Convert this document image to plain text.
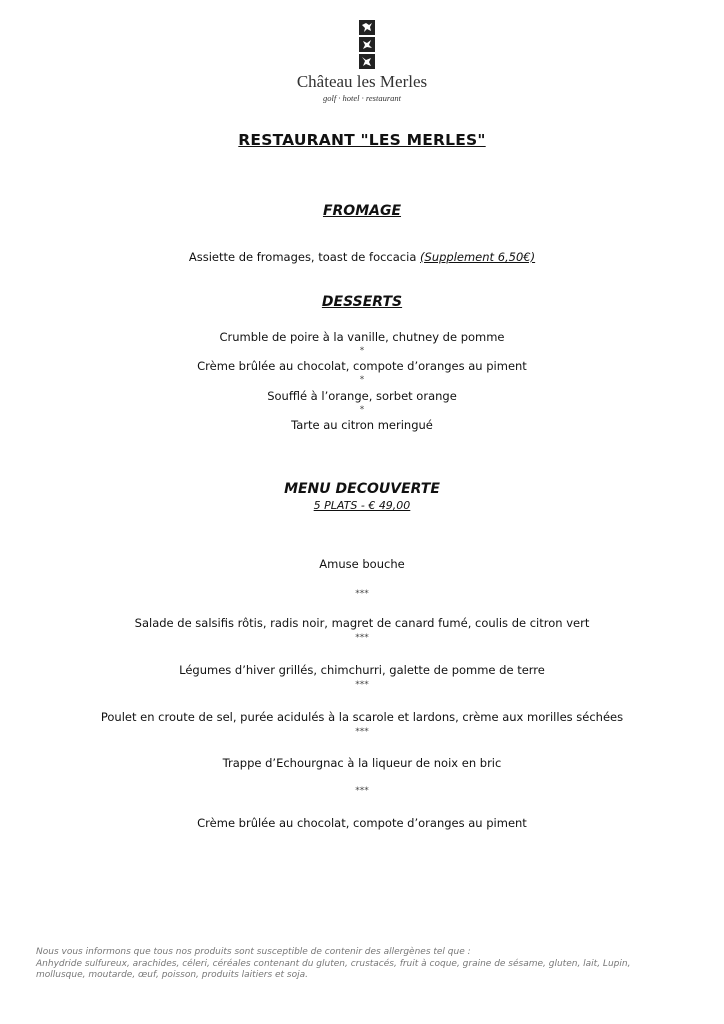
Château les Merles
golf · hotel · restaurant
RESTAURANT "LES MERLES"
FROMAGE
Assiette de fromages, toast de foccacia (Supplement 6,50€)
DESSERTS
Crumble de poire à la vanille, chutney de pomme
*
Crème brûlée au chocolat, compote d’oranges au piment
*
Soufflé à l’orange, sorbet orange
*
Tarte au citron meringué
MENU DECOUVERTE
5 PLATS - € 49,00
Amuse bouche
***
Salade de salsifis rôtis, radis noir, magret de canard fumé, coulis de citron vert
***
Légumes d’hiver grillés, chimchurri, galette de pomme de terre
***
Poulet en croute de sel, purée acidulés à la scarole et lardons, crème aux morilles séchées
***
Trappe d’Echourgnac à la liqueur de noix en bric
***
Crème brûlée au chocolat, compote d’oranges au piment
Nous vous informons que tous nos produits sont susceptible de contenir des allergènes tel que :
Anhydride sulfureux, arachides, céleri, céréales contenant du gluten, crustacés, fruit à coque, graine de sésame, gluten, lait, Lupin,
mollusque, moutarde, œuf, poisson, produits laitiers et soja.
